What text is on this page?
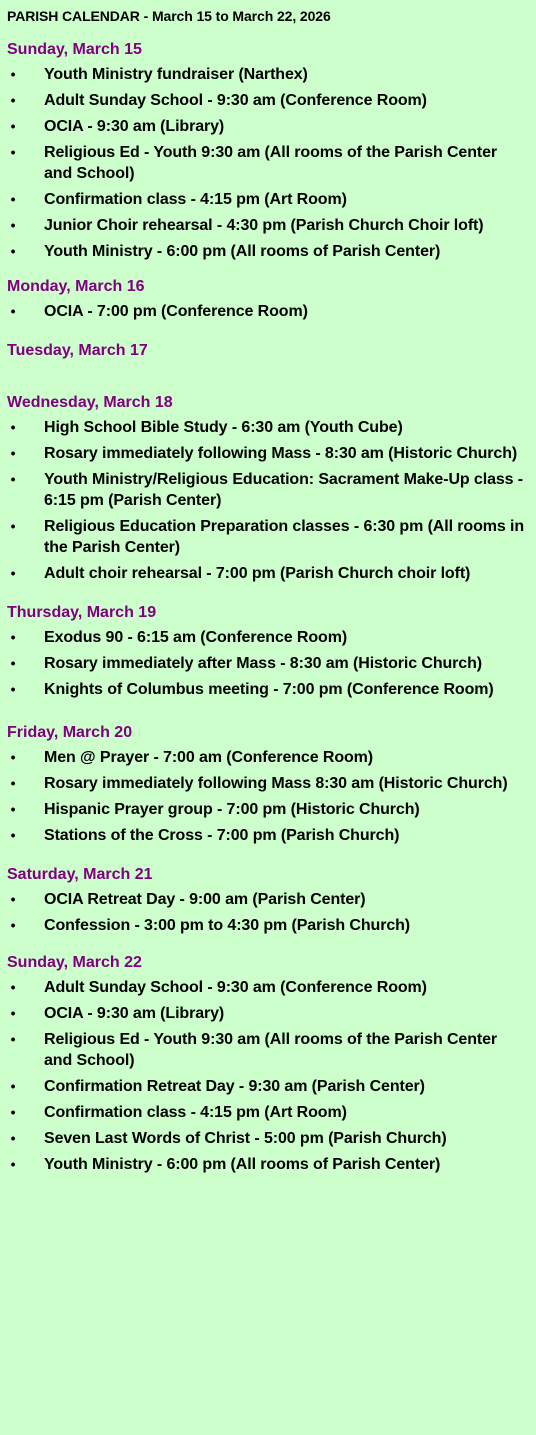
PARISH CALENDAR - March 15 to March 22, 2026
Sunday, March 15
• Youth Ministry fundraiser (Narthex)
• Adult Sunday School - 9:30 am (Conference Room)
• OCIA - 9:30 am (Library)
• Religious Ed - Youth 9:30 am (All rooms of the Parish Center and School)
• Confirmation class - 4:15 pm (Art Room)
• Junior Choir rehearsal - 4:30 pm (Parish Church Choir loft)
• Youth Ministry - 6:00 pm (All rooms of Parish Center)
Monday, March 16
• OCIA - 7:00 pm (Conference Room)
Tuesday, March 17
Wednesday, March 18
• High School Bible Study - 6:30 am (Youth Cube)
• Rosary immediately following Mass - 8:30 am (Historic Church)
• Youth Ministry/Religious Education: Sacrament Make-Up class - 6:15 pm (Parish Center)
• Religious Education Preparation classes - 6:30 pm (All rooms in the Parish Center)
• Adult choir rehearsal - 7:00 pm (Parish Church choir loft)
Thursday, March 19
• Exodus 90 - 6:15 am (Conference Room)
• Rosary immediately after Mass - 8:30 am (Historic Church)
• Knights of Columbus meeting - 7:00 pm (Conference Room)
Friday, March 20
• Men @ Prayer - 7:00 am (Conference Room)
• Rosary immediately following Mass 8:30 am (Historic Church)
• Hispanic Prayer group - 7:00 pm (Historic Church)
• Stations of the Cross - 7:00 pm (Parish Church)
Saturday, March 21
• OCIA Retreat Day - 9:00 am (Parish Center)
• Confession - 3:00 pm to 4:30 pm (Parish Church)
Sunday, March 22
• Adult Sunday School - 9:30 am (Conference Room)
• OCIA - 9:30 am (Library)
• Religious Ed - Youth 9:30 am (All rooms of the Parish Center and School)
• Confirmation Retreat Day - 9:30 am (Parish Center)
• Confirmation class - 4:15 pm (Art Room)
• Seven Last Words of Christ - 5:00 pm (Parish Church)
• Youth Ministry - 6:00 pm (All rooms of Parish Center)
